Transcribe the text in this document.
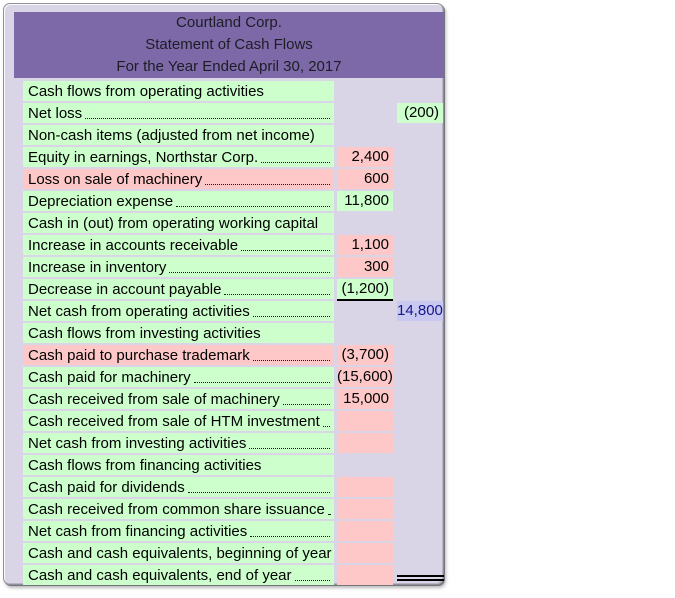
Courtland Corp.
Statement of Cash Flows
For the Year Ended April 30, 2017
Cash flows from operating activities
Net loss	(200)
Non-cash items (adjusted from net income)
Equity in earnings, Northstar Corp.	2,400
Loss on sale of machinery	600
Depreciation expense	11,800
Cash in (out) from operating working capital
Increase in accounts receivable	1,100
Increase in inventory	300
Decrease in account payable	(1,200)
Net cash from operating activities	14,800
Cash flows from investing activities
Cash paid to purchase trademark	(3,700)
Cash paid for machinery	(15,600)
Cash received from sale of machinery	15,000
Cash received from sale of HTM investment
Net cash from investing activities
Cash flows from financing activities
Cash paid for dividends
Cash received from common share issuance
Net cash from financing activities
Cash and cash equivalents, beginning of year
Cash and cash equivalents, end of year
